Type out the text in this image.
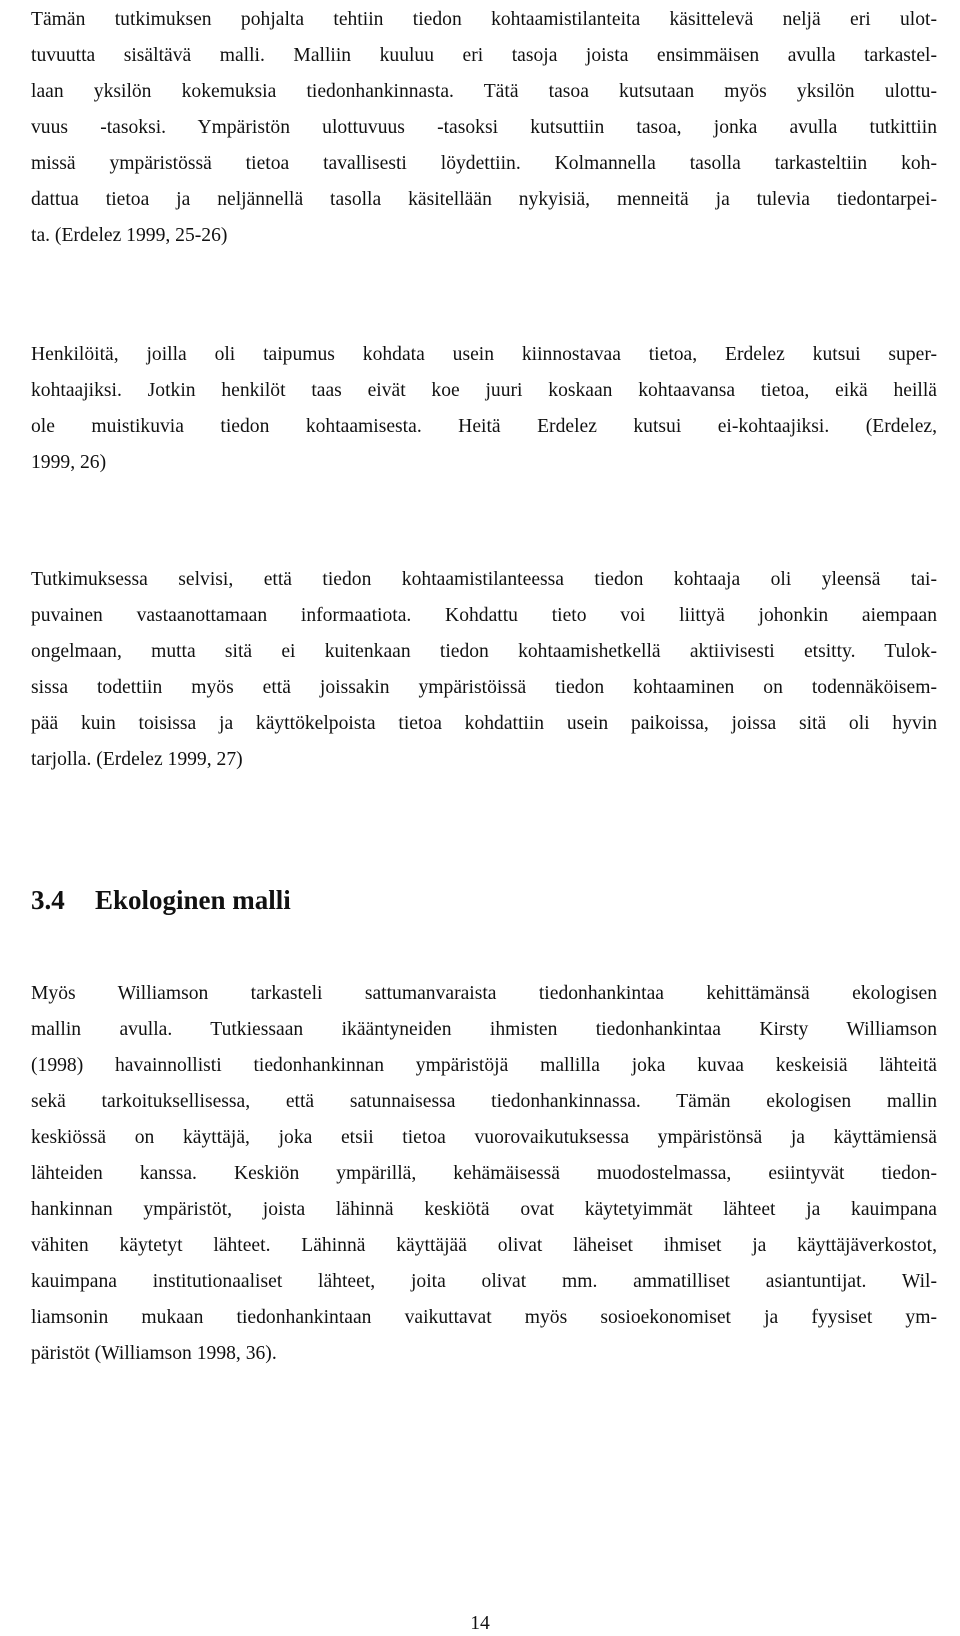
Tämän tutkimuksen pohjalta tehtiin tiedon kohtaamistilanteita käsittelevä neljä eri ulot-
tuvuutta sisältävä malli. Malliin kuuluu eri tasoja joista ensimmäisen avulla tarkastel-
laan yksilön kokemuksia tiedonhankinnasta. Tätä tasoa kutsutaan myös yksilön ulottu-
vuus -tasoksi. Ympäristön ulottuvuus -tasoksi kutsuttiin tasoa, jonka avulla tutkittiin
missä ympäristössä tietoa tavallisesti löydettiin. Kolmannella tasolla tarkasteltiin koh-
dattua tietoa ja neljännellä tasolla käsitellään nykyisiä, menneitä ja tulevia tiedontarpei-
ta. (Erdelez 1999, 25-26)
Henkilöitä, joilla oli taipumus kohdata usein kiinnostavaa tietoa, Erdelez kutsui super-
kohtaajiksi. Jotkin henkilöt taas eivät koe juuri koskaan kohtaavansa tietoa, eikä heillä
ole muistikuvia tiedon kohtaamisesta. Heitä Erdelez kutsui ei-kohtaajiksi. (Erdelez,
1999, 26)
Tutkimuksessa selvisi, että tiedon kohtaamistilanteessa tiedon kohtaaja oli yleensä tai-
puvainen vastaanottamaan informaatiota. Kohdattu tieto voi liittyä johonkin aiempaan
ongelmaan, mutta sitä ei kuitenkaan tiedon kohtaamishetkellä aktiivisesti etsitty. Tulok-
sissa todettiin myös että joissakin ympäristöissä tiedon kohtaaminen on todennäköisem-
pää kuin toisissa ja käyttökelpoista tietoa kohdattiin usein paikoissa, joissa sitä oli hyvin
tarjolla. (Erdelez 1999, 27)
3.4 Ekologinen malli
Myös Williamson tarkasteli sattumanvaraista tiedonhankintaa kehittämänsä ekologisen
mallin avulla. Tutkiessaan ikääntyneiden ihmisten tiedonhankintaa Kirsty Williamson
(1998) havainnollisti tiedonhankinnan ympäristöjä mallilla joka kuvaa keskeisiä lähteitä
sekä tarkoituksellisessa, että satunnaisessa tiedonhankinnassa. Tämän ekologisen mallin
keskiössä on käyttäjä, joka etsii tietoa vuorovaikutuksessa ympäristönsä ja käyttämiensä
lähteiden kanssa. Keskiön ympärillä, kehämäisessä muodostelmassa, esiintyvät tiedon-
hankinnan ympäristöt, joista lähinnä keskiötä ovat käytetyimmät lähteet ja kauimpana
vähiten käytetyt lähteet. Lähinnä käyttäjää olivat läheiset ihmiset ja käyttäjäverkostot,
kauimpana institutionaaliset lähteet, joita olivat mm. ammatilliset asiantuntijat. Wil-
liamsonin mukaan tiedonhankintaan vaikuttavat myös sosioekonomiset ja fyysiset ym-
päristöt (Williamson 1998, 36).
14
